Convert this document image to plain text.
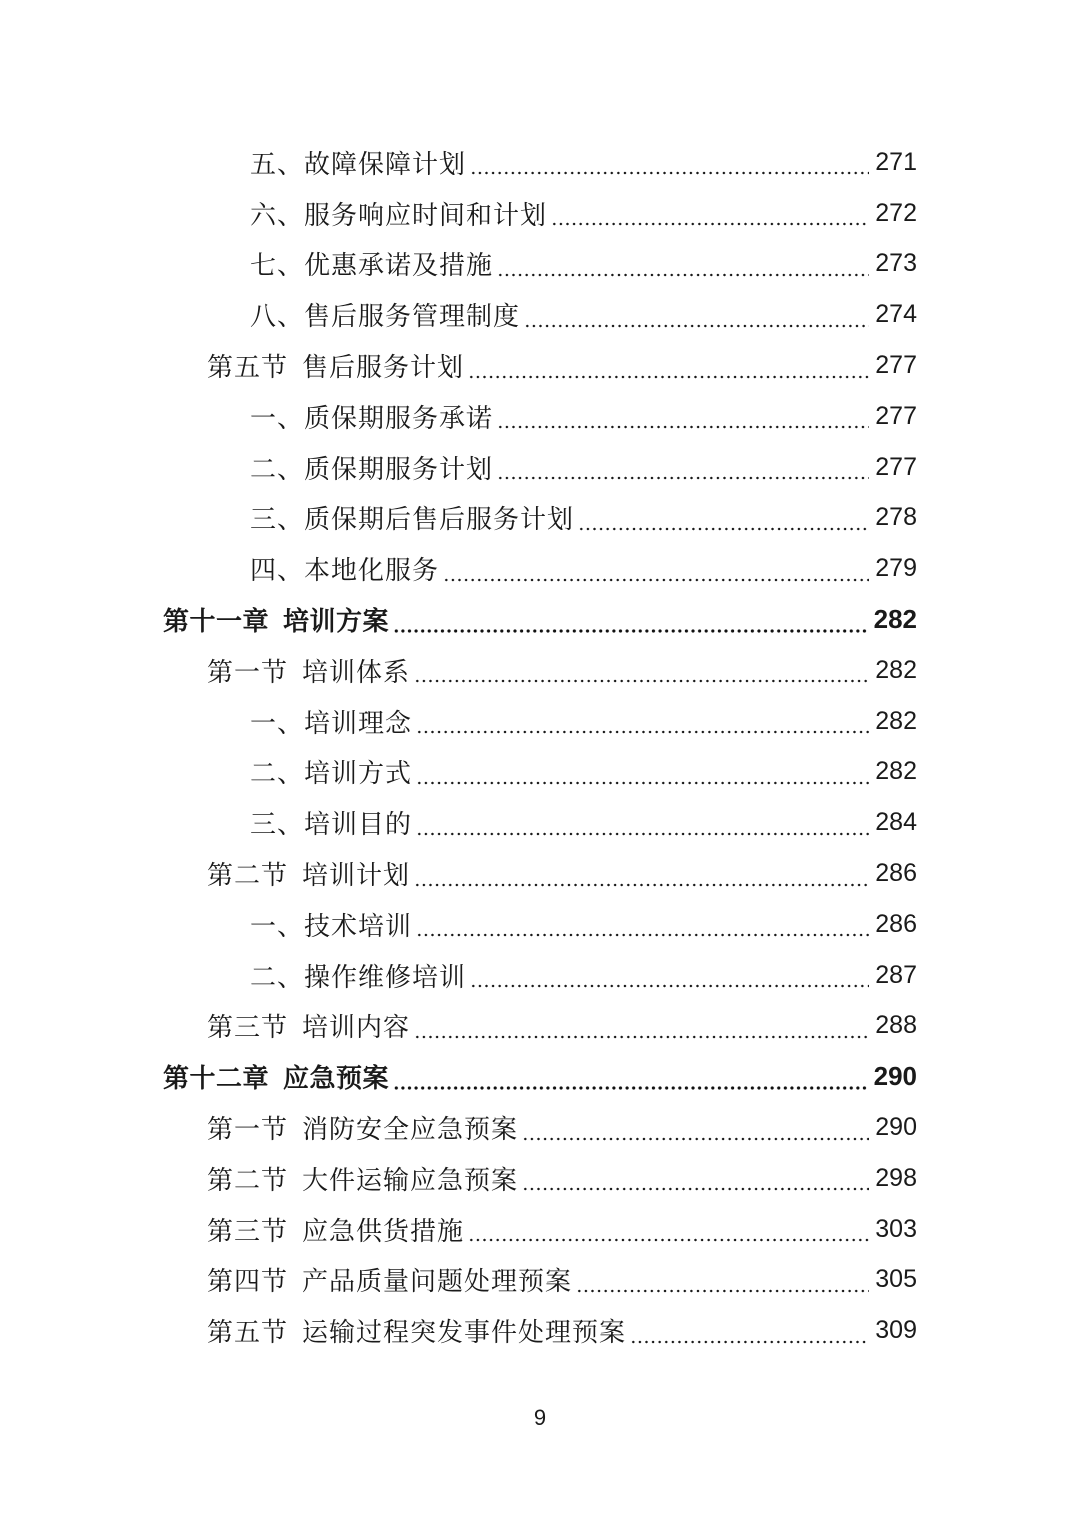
五、故障保障计划	271
六、服务响应时间和计划	272
七、优惠承诺及措施	273
八、售后服务管理制度	274
第五节 售后服务计划	277
一、质保期服务承诺	277
二、质保期服务计划	277
三、质保期后售后服务计划	278
四、本地化服务	279
第十一章 培训方案	282
第一节 培训体系	282
一、培训理念	282
二、培训方式	282
三、培训目的	284
第二节 培训计划	286
一、技术培训	286
二、操作维修培训	287
第三节 培训内容	288
第十二章 应急预案	290
第一节 消防安全应急预案	290
第二节 大件运输应急预案	298
第三节 应急供货措施	303
第四节 产品质量问题处理预案	305
第五节 运输过程突发事件处理预案	309
9
